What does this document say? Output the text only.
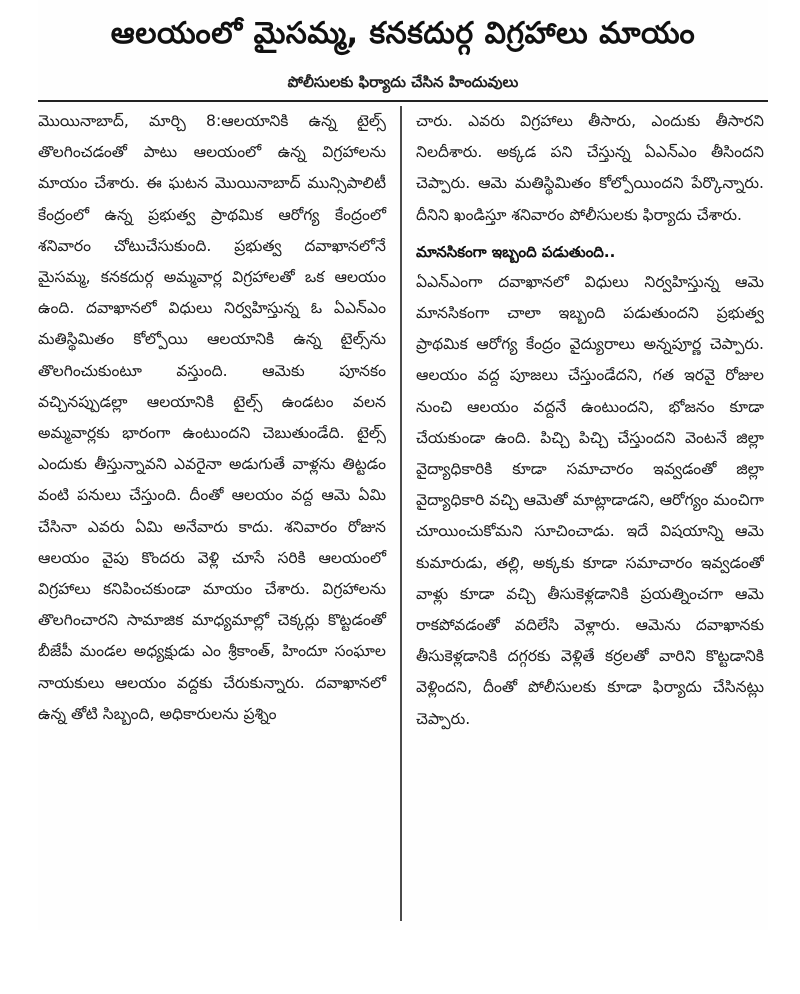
ఆలయంలో మైసమ్మ, కనకదుర్గ విగ్రహాలు మాయం
పోలీసులకు ఫిర్యాదు చేసిన హిందువులు

మొయినాబాద్, మార్చి 8:ఆలయానికి ఉన్న టైల్స్ తొలగించడంతో పాటు ఆలయంలో ఉన్న విగ్రహాలను మాయం చేశారు. ఈ ఘటన మొయినాబాద్ మున్సిపాలిటీ కేంద్రంలో ఉన్న ప్రభుత్వ ప్రాథమిక ఆరోగ్య కేంద్రంలో శనివారం చోటుచేసుకుంది. ప్రభుత్వ దవాఖానలోనే మైసమ్మ, కనకదుర్గ అమ్మవార్ల విగ్రహాలతో ఒక ఆలయం ఉంది. దవాఖానలో విధులు నిర్వహిస్తున్న ఓ ఏఎన్ఎం మతిస్థిమితం కోల్పోయి ఆలయానికి ఉన్న టైల్స్‌ను తొలగించుకుంటూ వస్తుంది. ఆమెకు పూనకం వచ్చినప్పుడల్లా ఆలయానికి టైల్స్ ఉండటం వలన అమ్మవార్లకు భారంగా ఉంటుందని చెబుతుండేది. టైల్స్ ఎందుకు తీస్తున్నావని ఎవరైనా అడుగుతే వాళ్లను తిట్టడం వంటి పనులు చేస్తుంది. దీంతో ఆలయం వద్ద ఆమె ఏమి చేసినా ఎవరు ఏమి అనేవారు కాదు. శనివారం రోజున ఆలయం వైపు కొందరు వెళ్లి చూసే సరికి ఆలయంలో విగ్రహాలు కనిపించకుండా మాయం చేశారు. విగ్రహాలను తొలగించారని సామాజిక మాధ్యమాల్లో చెక్కర్లు కొట్టడంతో బీజేపీ మండల అధ్యక్షుడు ఎం శ్రీకాంత్, హిందూ సంఘాల నాయకులు ఆలయం వద్దకు చేరుకున్నారు. దవాఖానలో ఉన్న తోటి సిబ్బంది, అధికారులను ప్రశ్నిం

చారు. ఎవరు విగ్రహాలు తీసారు, ఎందుకు తీసారని నిలదీశారు. అక్కడ పని చేస్తున్న ఏఎన్ఎం తీసిందని చెప్పారు. ఆమె మతిస్థిమితం కోల్పోయిందని పేర్కొన్నారు. దీనిని ఖండిస్తూ శనివారం పోలీసులకు ఫిర్యాదు చేశారు.

మానసికంగా ఇబ్బంది పడుతుంది..

ఏఎన్ఎంగా దవాఖానలో విధులు నిర్వహిస్తున్న ఆమె మానసికంగా చాలా ఇబ్బంది పడుతుందని ప్రభుత్వ ప్రాథమిక ఆరోగ్య కేంద్రం వైద్యురాలు అన్నపూర్ణ చెప్పారు. ఆలయం వద్ద పూజలు చేస్తుండేదని, గత ఇరవై రోజుల నుంచి ఆలయం వద్దనే ఉంటుందని, భోజనం కూడా చేయకుండా ఉంది. పిచ్చి పిచ్చి చేస్తుందని వెంటనే జిల్లా వైద్యాధికారికి కూడా సమాచారం ఇవ్వడంతో జిల్లా వైద్యాధికారి వచ్చి ఆమెతో మాట్లాడాడని, ఆరోగ్యం మంచిగా చూయించుకోమని సూచించాడు. ఇదే విషయాన్ని ఆమె కుమారుడు, తల్లి, అక్కకు కూడా సమాచారం ఇవ్వడంతో వాళ్లు కూడా వచ్చి తీసుకెళ్లడానికి ప్రయత్నించగా ఆమె రాకపోవడంతో వదిలేసి వెళ్లారు. ఆమెను దవాఖానకు తీసుకెళ్లడానికి దగ్గరకు వెళ్లితే కర్రలతో వారిని కొట్టడానికి వెళ్లిందని, దీంతో పోలీసులకు కూడా ఫిర్యాదు చేసినట్లు చెప్పారు.
